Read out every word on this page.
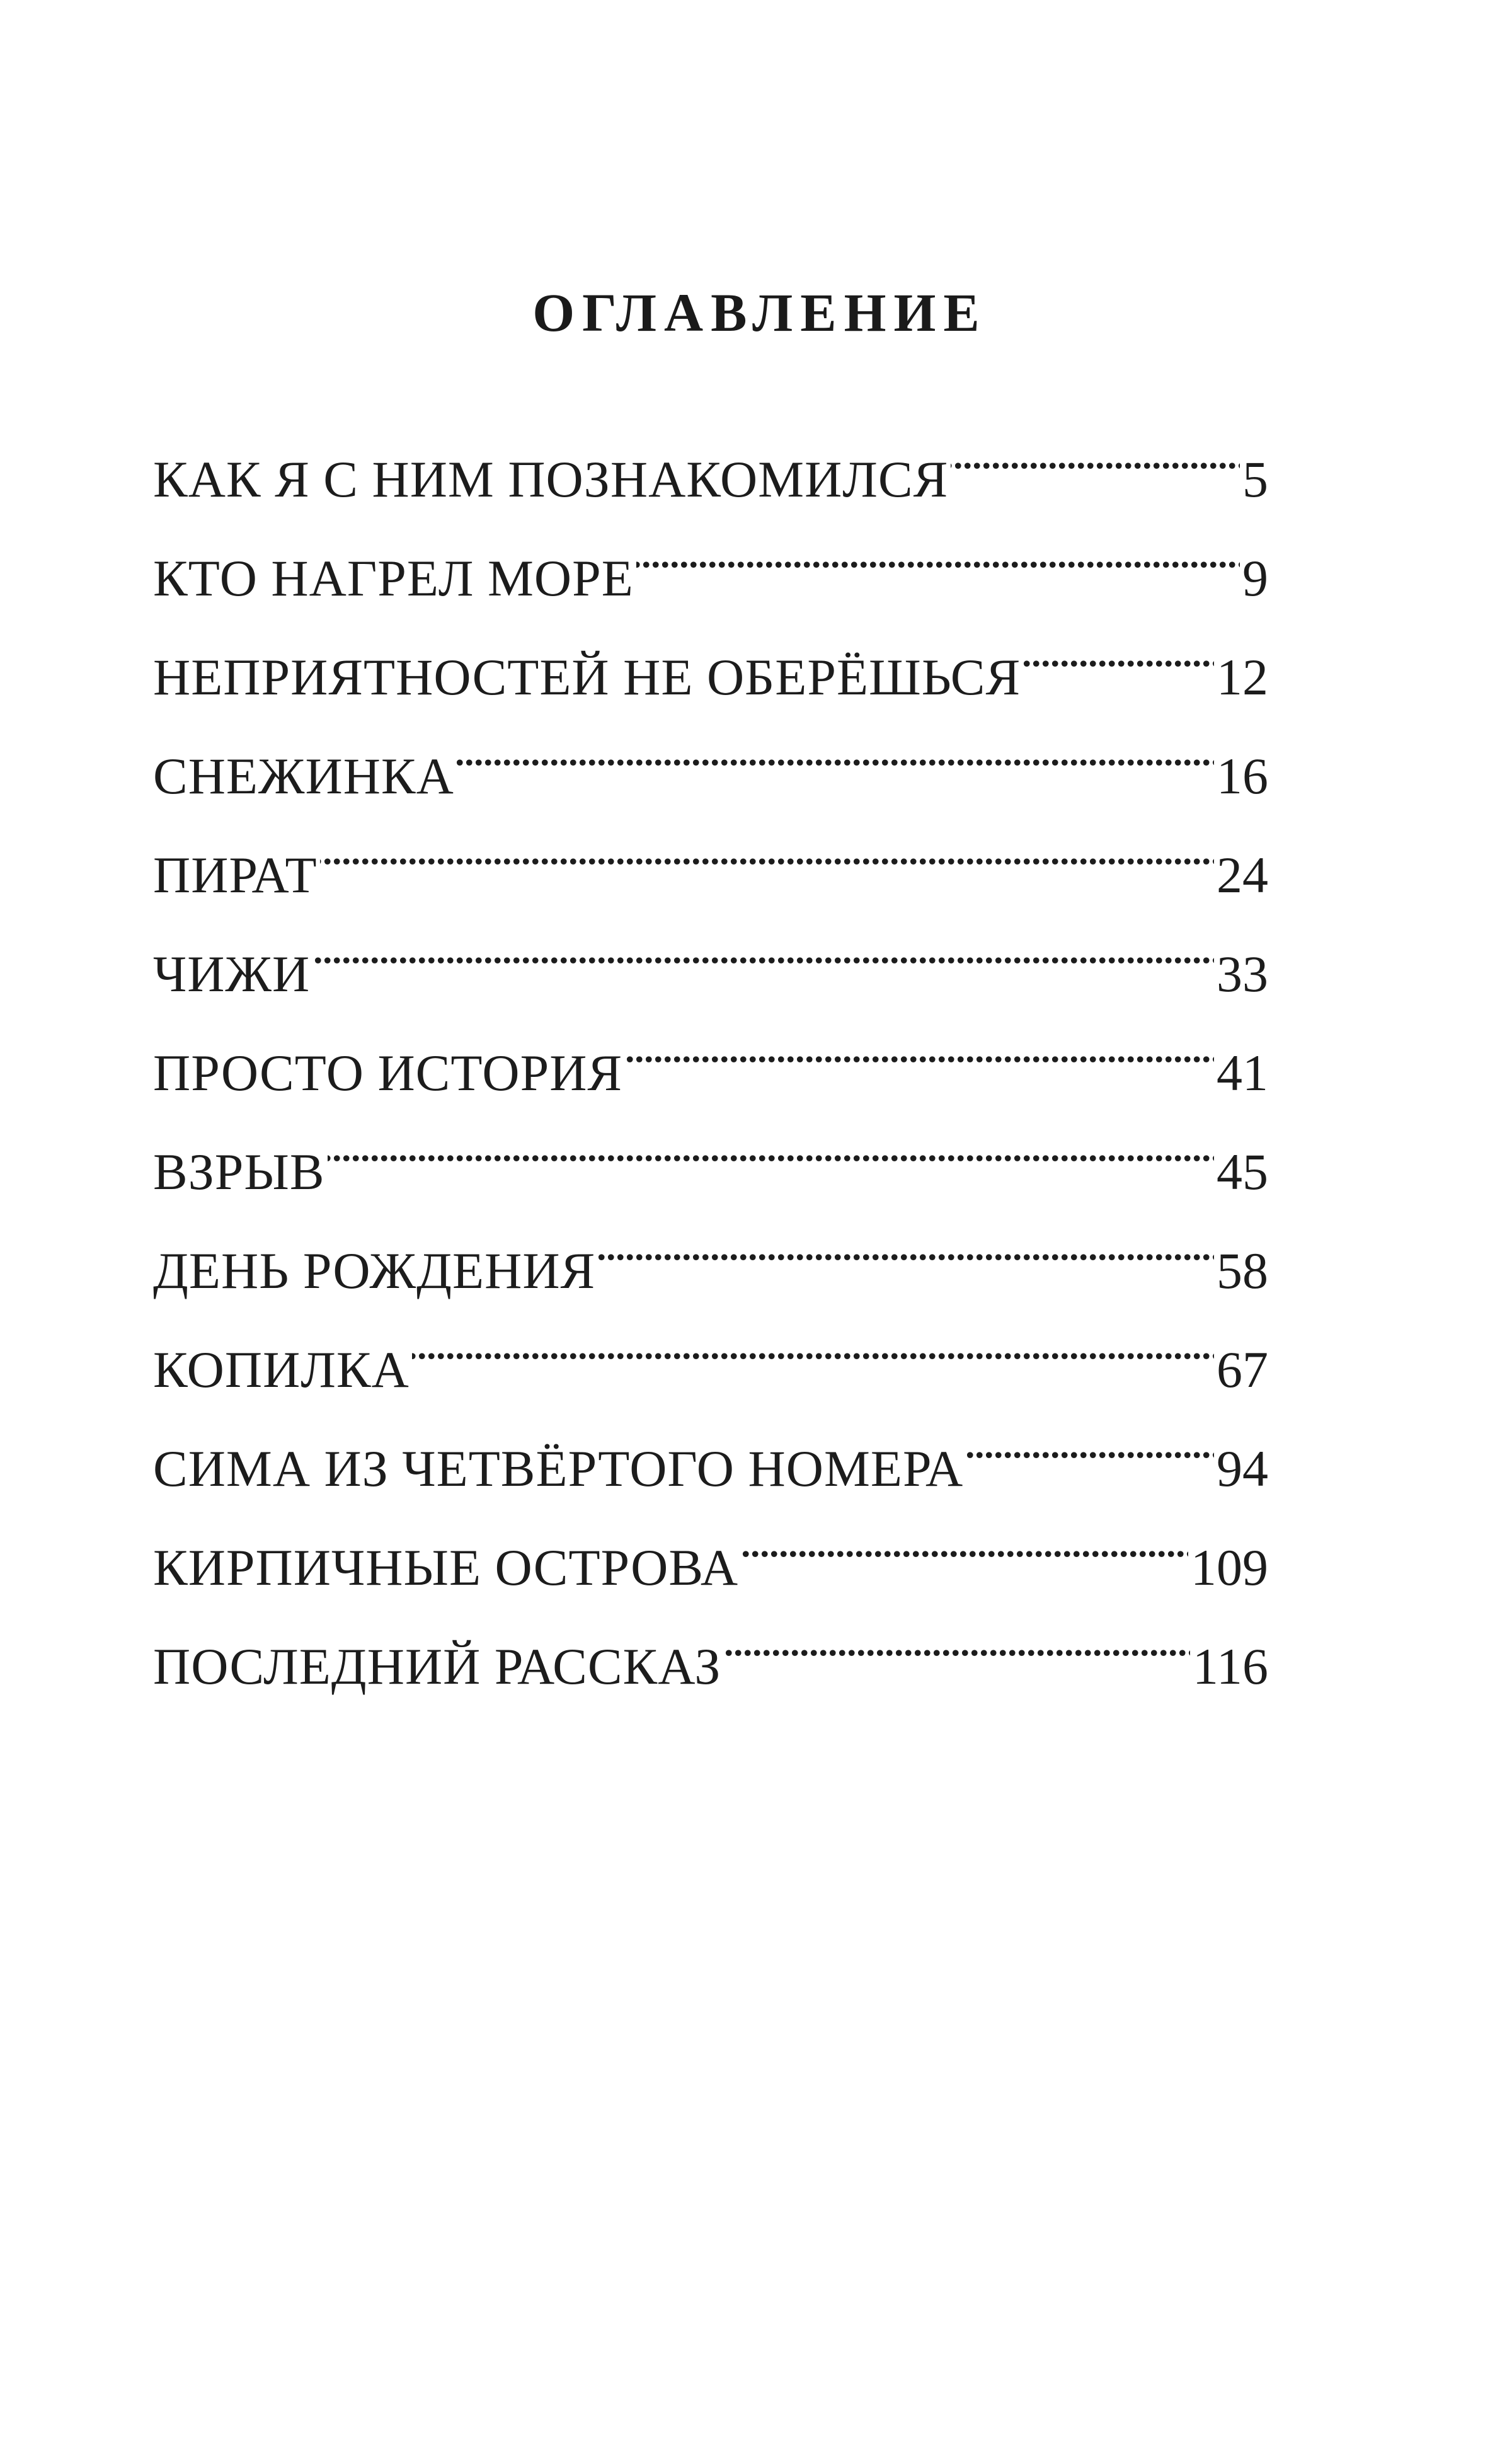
ОГЛАВЛЕНИЕ
КАК Я С НИМ ПОЗНАКОМИЛСЯ . . .	5
КТО НАГРЕЛ МОРЕ . . .	9
НЕПРИЯТНОСТЕЙ НЕ ОБЕРЁШЬСЯ . . .	12
СНЕЖИНКА . . .	16
ПИРАТ . . .	24
ЧИЖИ . . .	33
ПРОСТО ИСТОРИЯ . . .	41
ВЗРЫВ . . .	45
ДЕНЬ РОЖДЕНИЯ . . .	58
КОПИЛКА . . .	67
СИМА ИЗ ЧЕТВЁРТОГО НОМЕРА . . .	94
КИРПИЧНЫЕ ОСТРОВА . . .	109
ПОСЛЕДНИЙ РАССКАЗ . . .	116
